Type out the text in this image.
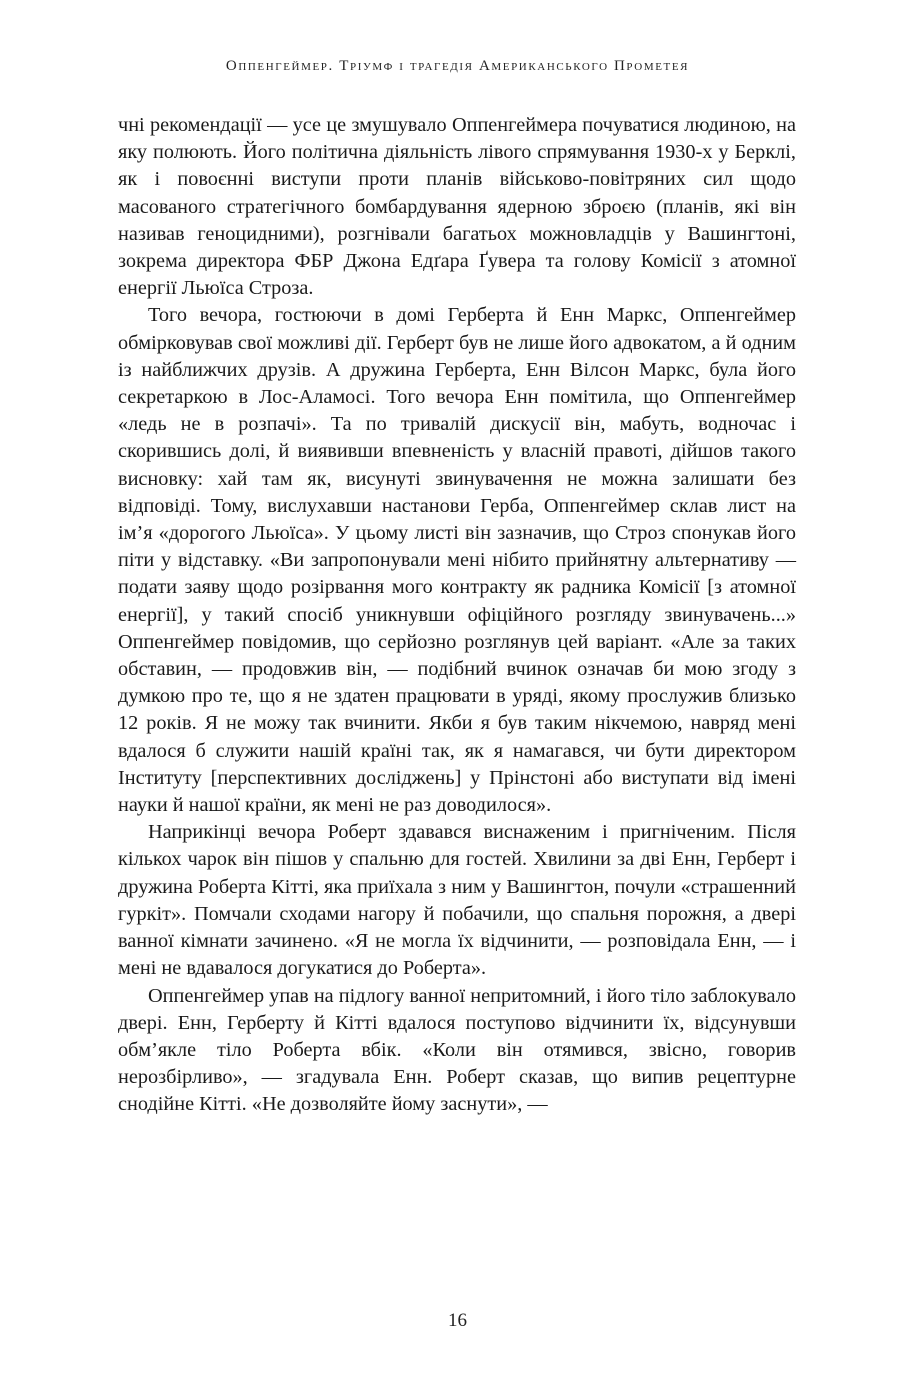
Оппенгеймер. Тріумф і трагедія Американського Прометея

чні рекомендації — усе це змушувало Оппенгеймера почуватися людиною, на яку полюють. Його політична діяльність лівого спрямування 1930-х у Берклі, як і повоєнні виступи проти планів військово-повітряних сил щодо масованого стратегічного бомбардування ядерною зброєю (планів, які він називав геноцидними), розгнівали багатьох можновладців у Вашингтоні, зокрема директора ФБР Джона Едґара Ґувера та голову Комісії з атомної енергії Льюїса Строза.

Того вечора, гостюючи в домі Герберта й Енн Маркс, Оппенгеймер обмірковував свої можливі дії. Герберт був не лише його адвокатом, а й одним із найближчих друзів. А дружина Герберта, Енн Вілсон Маркс, була його секретаркою в Лос-Аламосі. Того вечора Енн помітила, що Оппенгеймер «ледь не в розпачі». Та по тривалій дискусії він, мабуть, водночас і скорившись долі, й виявивши впевненість у власній правоті, дійшов такого висновку: хай там як, висунуті звинувачення не можна залишати без відповіді. Тому, вислухавши настанови Герба, Оппенгеймер склав лист на ім’я «дорогого Льюїса». У цьому листі він зазначив, що Строз спонукав його піти у відставку. «Ви запропонували мені нібито прийнятну альтернативу — подати заяву щодо розірвання мого контракту як радника Комісії [з атомної енергії], у такий спосіб уникнувши офіційного розгляду звинувачень...» Оппенгеймер повідомив, що серйозно розглянув цей варіант. «Але за таких обставин, — продовжив він, — подібний вчинок означав би мою згоду з думкою про те, що я не здатен працювати в уряді, якому прослужив близько 12 років. Я не можу так вчинити. Якби я був таким нікчемою, навряд мені вдалося б служити нашій країні так, як я намагався, чи бути директором Інституту [перспективних досліджень] у Прінстоні або виступати від імені науки й нашої країни, як мені не раз доводилося».

Наприкінці вечора Роберт здавався виснаженим і пригніченим. Після кількох чарок він пішов у спальню для гостей. Хвилини за дві Енн, Герберт і дружина Роберта Кітті, яка приїхала з ним у Вашингтон, почули «страшенний гуркіт». Помчали сходами нагору й побачили, що спальня порожня, а двері ванної кімнати зачинено. «Я не могла їх відчинити, — розповідала Енн, — і мені не вдавалося догукатися до Роберта».

Оппенгеймер упав на підлогу ванної непритомний, і його тіло заблокувало двері. Енн, Герберту й Кітті вдалося поступово відчинити їх, відсунувши обм’якле тіло Роберта вбік. «Коли він отямився, звісно, говорив нерозбірливо», — згадувала Енн. Роберт сказав, що випив рецептурне снодійне Кітті. «Не дозволяйте йому заснути», —

16
